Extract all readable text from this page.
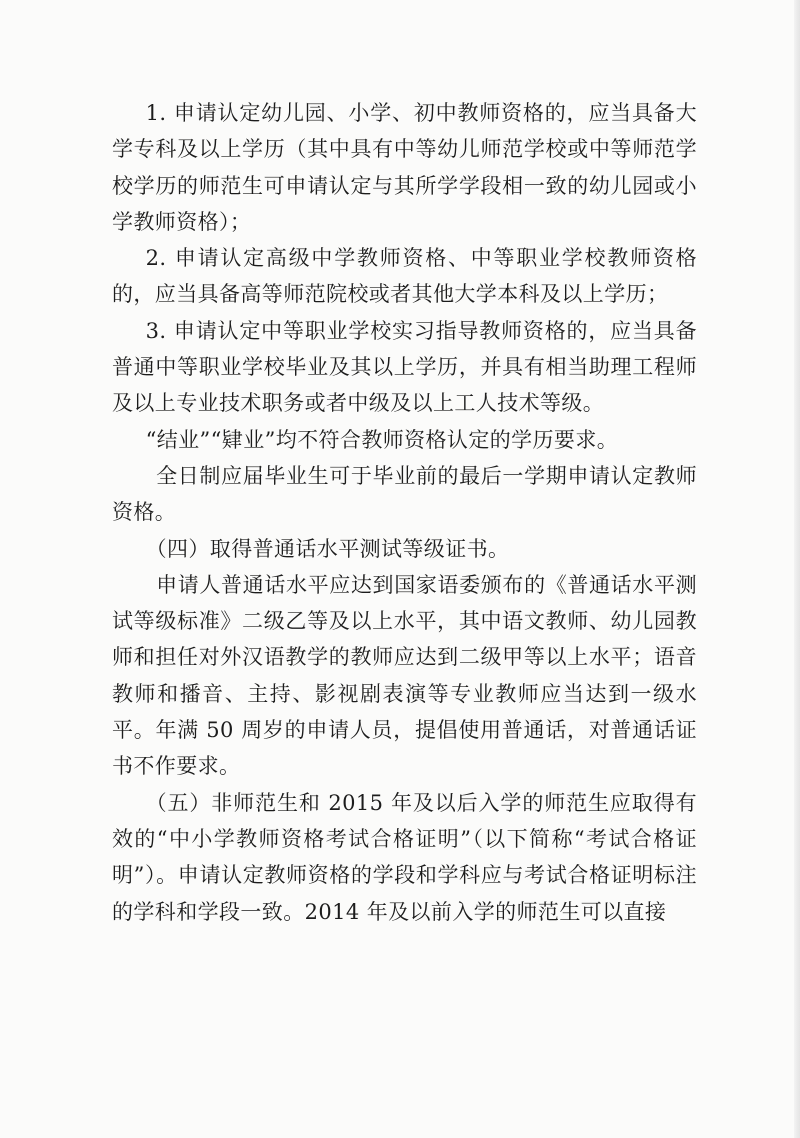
1. 申请认定幼儿园、小学、初中教师资格的，应当具备大学专科及以上学历（其中具有中等幼儿师范学校或中等师范学校学历的师范生可申请认定与其所学学段相一致的幼儿园或小学教师资格）；

2. 申请认定高级中学教师资格、中等职业学校教师资格的，应当具备高等师范院校或者其他大学本科及以上学历；

3. 申请认定中等职业学校实习指导教师资格的，应当具备普通中等职业学校毕业及其以上学历，并具有相当助理工程师及以上专业技术职务或者中级及以上工人技术等级。

“结业”“肄业”均不符合教师资格认定的学历要求。

全日制应届毕业生可于毕业前的最后一学期申请认定教师资格。

（四）取得普通话水平测试等级证书。

申请人普通话水平应达到国家语委颁布的《普通话水平测试等级标准》二级乙等及以上水平，其中语文教师、幼儿园教师和担任对外汉语教学的教师应达到二级甲等以上水平；语音教师和播音、主持、影视剧表演等专业教师应当达到一级水平。年满 50 周岁的申请人员，提倡使用普通话，对普通话证书不作要求。

（五）非师范生和 2015 年及以后入学的师范生应取得有效的“中小学教师资格考试合格证明”（以下简称“考试合格证明”）。申请认定教师资格的学段和学科应与考试合格证明标注的学科和学段一致。2014 年及以前入学的师范生可以直接
